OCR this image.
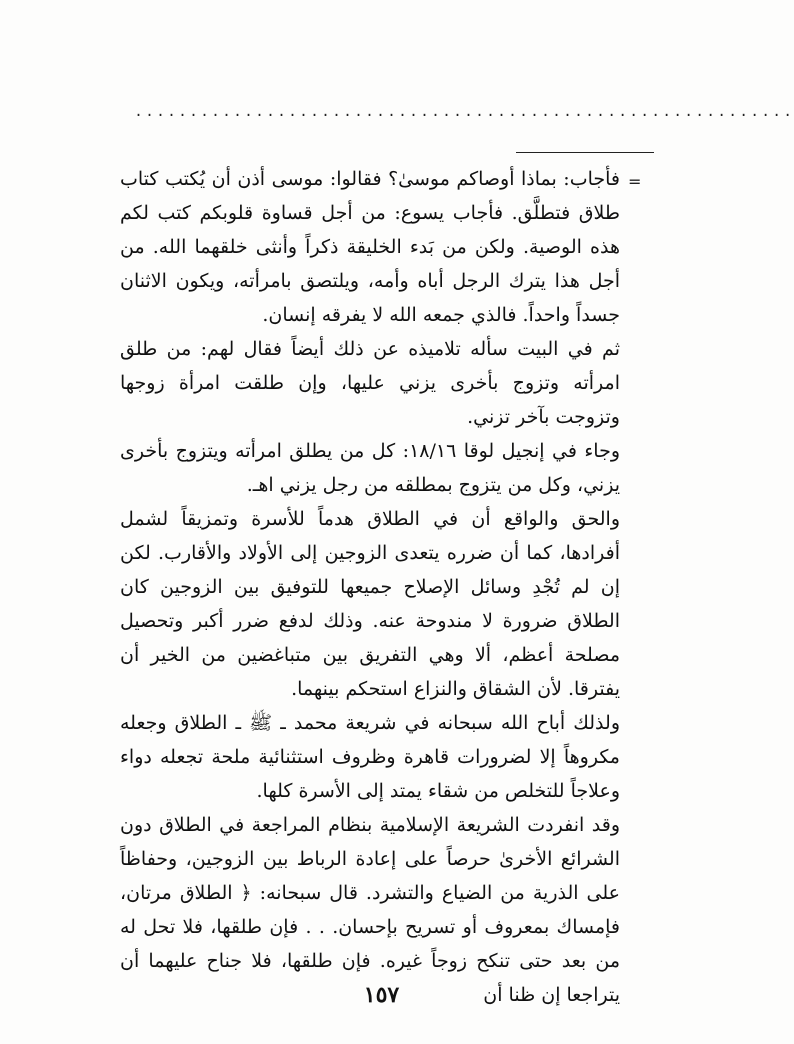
............................................................
=

فأجاب: بماذا أوصاكم موسىٰ؟ فقالوا: موسى أذن أن يُكتب كتاب طلاق فتطلَّق. فأجاب يسوع: من أجل قساوة قلوبكم كتب لكم هذه الوصية. ولكن من بَدء الخليقة ذكراً وأنثى خلقهما الله. من أجل هذا يترك الرجل أباه وأمه، ويلتصق بامرأته، ويكون الاثنان جسداً واحداً. فالذي جمعه الله لا يفرقه إنسان.

ثم في البيت سأله تلاميذه عن ذلك أيضاً فقال لهم: من طلق امرأته وتزوج بأخرى يزني عليها، وإن طلقت امرأة زوجها وتزوجت بآخر تزني.

وجاء في إنجيل لوقا ١٨/١٦: كل من يطلق امرأته ويتزوج بأخرى يزني، وكل من يتزوج بمطلقه من رجل يزني اهـ.

والحق والواقع أن في الطلاق هدماً للأسرة وتمزيقاً لشمل أفرادها، كما أن ضرره يتعدى الزوجين إلى الأولاد والأقارب. لكن إن لم تُجْدِ وسائل الإصلاح جميعها للتوفيق بين الزوجين كان الطلاق ضرورة لا مندوحة عنه. وذلك لدفع ضرر أكبر وتحصيل مصلحة أعظم، ألا وهي التفريق بين متباغضين من الخير أن يفترقا. لأن الشقاق والنزاع استحكم بينهما.

ولذلك أباح الله سبحانه في شريعة محمد ـ ﷺ ـ الطلاق وجعله مكروهاً إلا لضرورات قاهرة وظروف استثنائية ملحة تجعله دواء وعلاجاً للتخلص من شقاء يمتد إلى الأسرة كلها.

وقد انفردت الشريعة الإسلامية بنظام المراجعة في الطلاق دون الشرائع الأخرىٰ حرصاً على إعادة الرباط بين الزوجين، وحفاظاً على الذرية من الضياع والتشرد. قال سبحانه: ﴿ الطلاق مرتان، فإمساك بمعروف أو تسريح بإحسان. . . فإن طلقها، فلا تحل له من بعد حتى تنكح زوجاً غيره. فإن طلقها، فلا جناح عليهما أن يتراجعا إن ظنا أن

١٥٧
